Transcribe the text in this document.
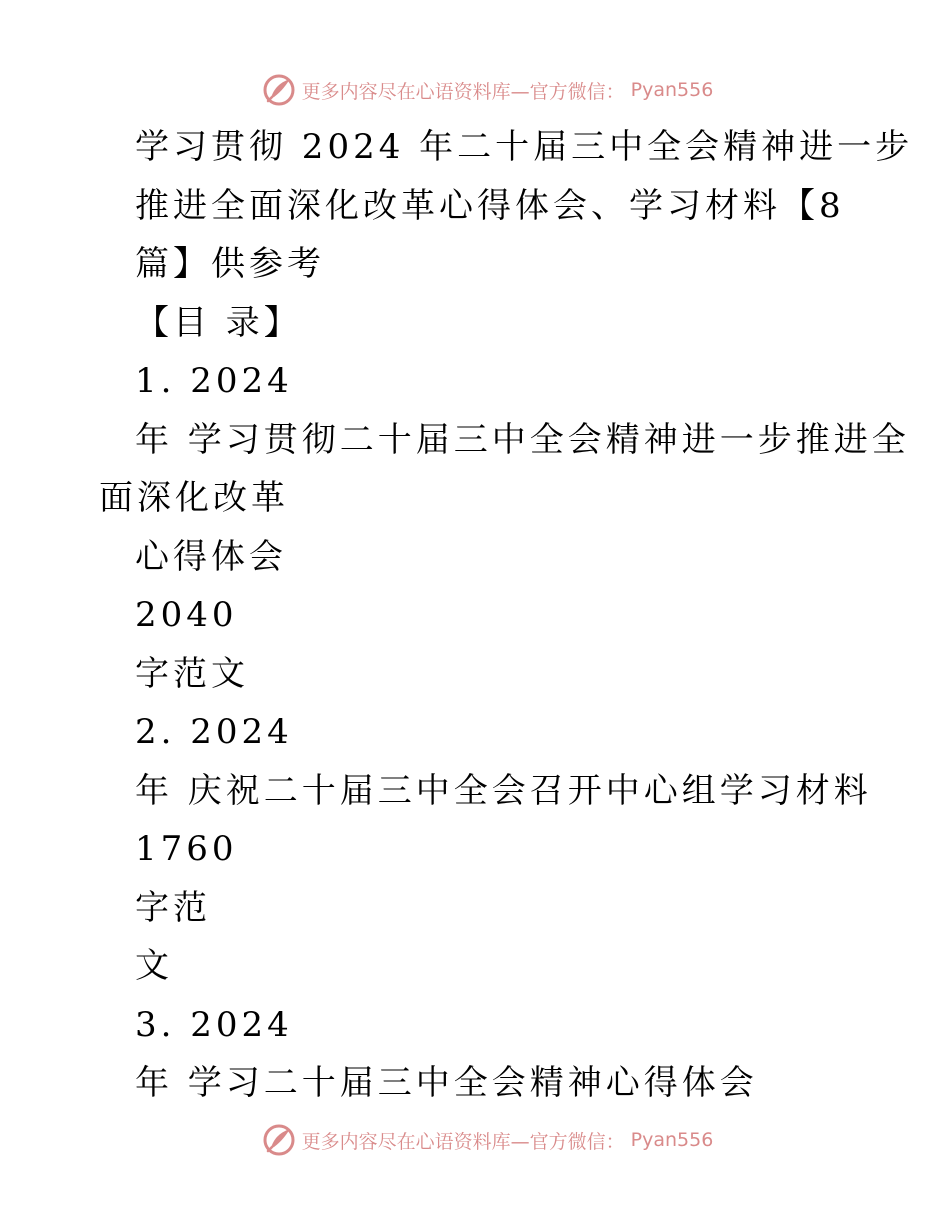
更多内容尽在心语资料库—官方微信： Pyan556
学习贯彻 2024 年二十届三中全会精神进一步
推进全面深化改革心得体会、学习材料【8
篇】供参考
【目 录】
1. 2024
年 学习贯彻二十届三中全会精神进一步推进全
面深化改革
心得体会
2040
字范文
2. 2024
年 庆祝二十届三中全会召开中心组学习材料
1760
字范
文
3. 2024
年 学习二十届三中全会精神心得体会
更多内容尽在心语资料库—官方微信： Pyan556
